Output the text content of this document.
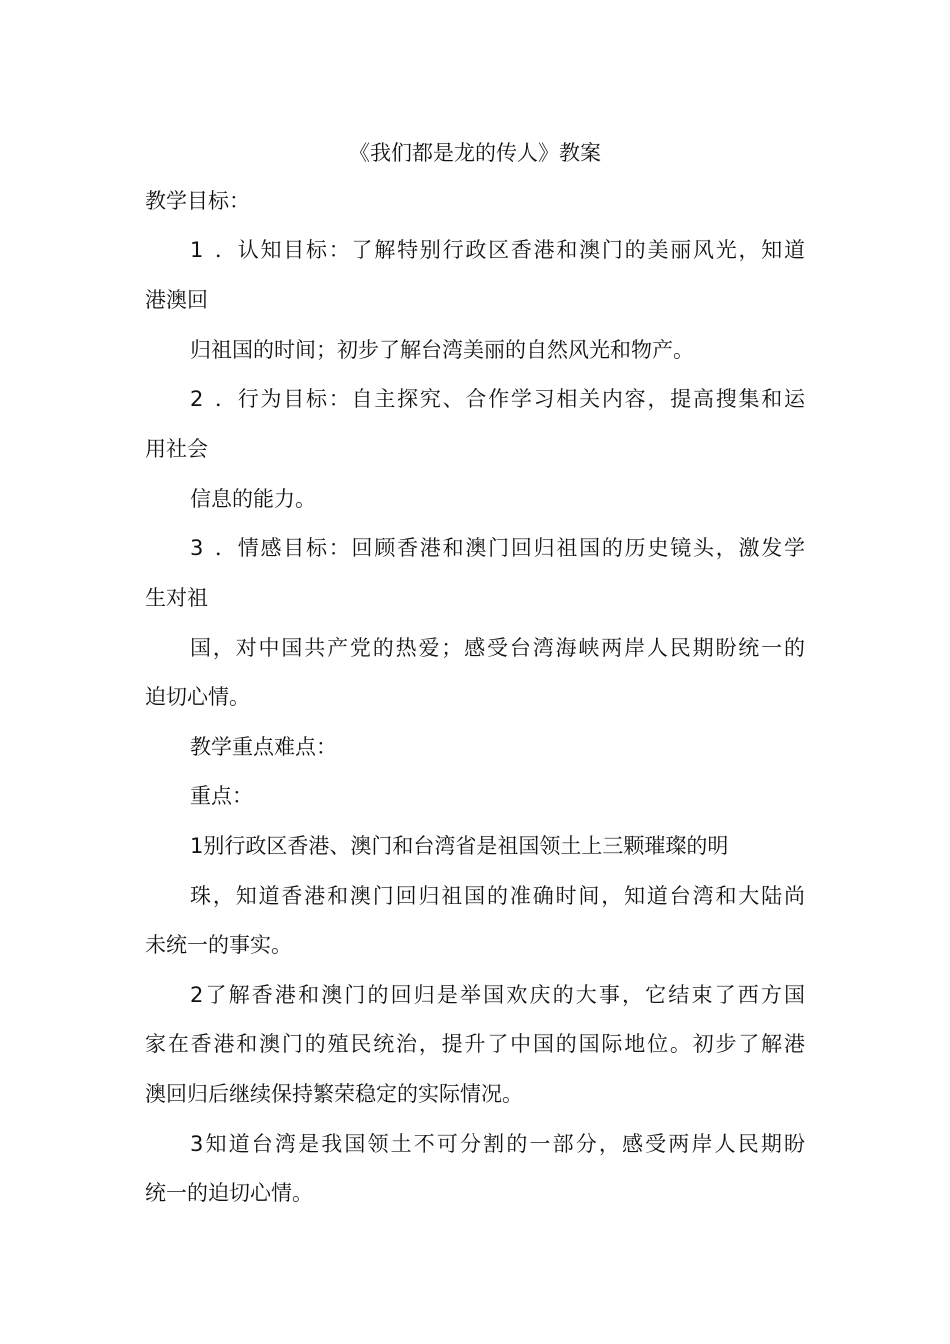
《我们都是龙的传人》教案

教学目标：

1．认知目标：了解特别行政区香港和澳门的美丽风光，知道

港澳回

归祖国的时间；初步了解台湾美丽的自然风光和物产。

2．行为目标：自主探究、合作学习相关内容，提高搜集和运

用社会

信息的能力。

3．情感目标：回顾香港和澳门回归祖国的历史镜头，激发学

生对祖

国，对中国共产党的热爱；感受台湾海峡两岸人民期盼统一的

迫切心情。

教学重点难点：

重点：

1别行政区香港、澳门和台湾省是祖国领土上三颗璀璨的明

珠，知道香港和澳门回归祖国的准确时间，知道台湾和大陆尚

未统一的事实。

2了解香港和澳门的回归是举国欢庆的大事，它结束了西方国

家在香港和澳门的殖民统治，提升了中国的国际地位。初步了解港

澳回归后继续保持繁荣稳定的实际情况。

3知道台湾是我国领土不可分割的一部分，感受两岸人民期盼

统一的迫切心情。
